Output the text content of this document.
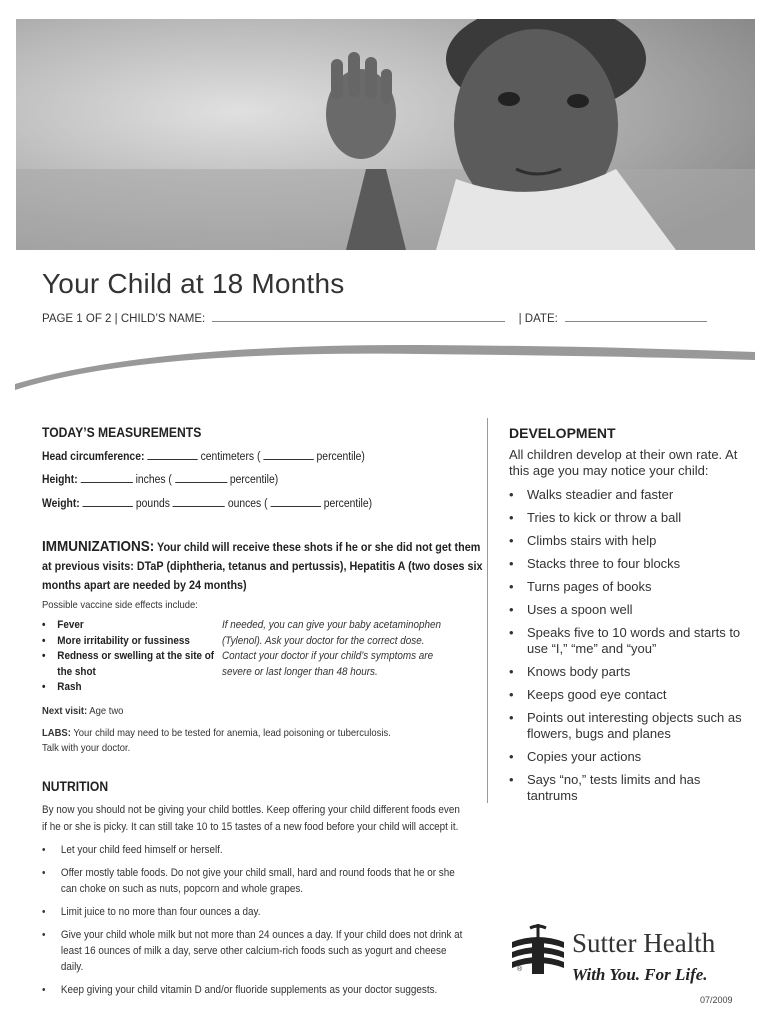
Your Child at 18 Months
PAGE 1 OF 2 | CHILD’S NAME:	| DATE:
TODAY’S MEASUREMENTS
Head circumference:	centimeters (	percentile)
Height:	inches (	percentile)
Weight:	pounds	ounces (	percentile)
IMMUNIZATIONS: Your child will receive these shots if he or she did not get them at previous visits: DTaP (diphtheria, tetanus and pertussis), Hepatitis A (two doses six months apart are needed by 24 months)
Possible vaccine side effects include:
• Fever
• More irritability or fussiness
• Redness or swelling at the site of the shot
• Rash
If needed, you can give your baby acetaminophen (Tylenol). Ask your doctor for the correct dose. Contact your doctor if your child’s symptoms are severe or last longer than 48 hours.
Next visit: Age two
LABS: Your child may need to be tested for anemia, lead poisoning or tuberculosis.
Talk with your doctor.
NUTRITION
By now you should not be giving your child bottles. Keep offering your child different foods even if he or she is picky. It can still take 10 to 15 tastes of a new food before your child will accept it.
• Let your child feed himself or herself.
• Offer mostly table foods. Do not give your child small, hard and round foods that he or she can choke on such as nuts, popcorn and whole grapes.
• Limit juice to no more than four ounces a day.
• Give your child whole milk but not more than 24 ounces a day. If your child does not drink at least 16 ounces of milk a day, serve other calcium-rich foods such as yogurt and cheese daily.
• Keep giving your child vitamin D and/or fluoride supplements as your doctor suggests.
DEVELOPMENT
All children develop at their own rate. At this age you may notice your child:
• Walks steadier and faster
• Tries to kick or throw a ball
• Climbs stairs with help
• Stacks three to four blocks
• Turns pages of books
• Uses a spoon well
• Speaks five to 10 words and starts to use “I,” “me” and “you”
• Knows body parts
• Keeps good eye contact
• Points out interesting objects such as flowers, bugs and planes
• Copies your actions
• Says “no,” tests limits and has tantrums
®
Sutter Health
With You. For Life.
07/2009
